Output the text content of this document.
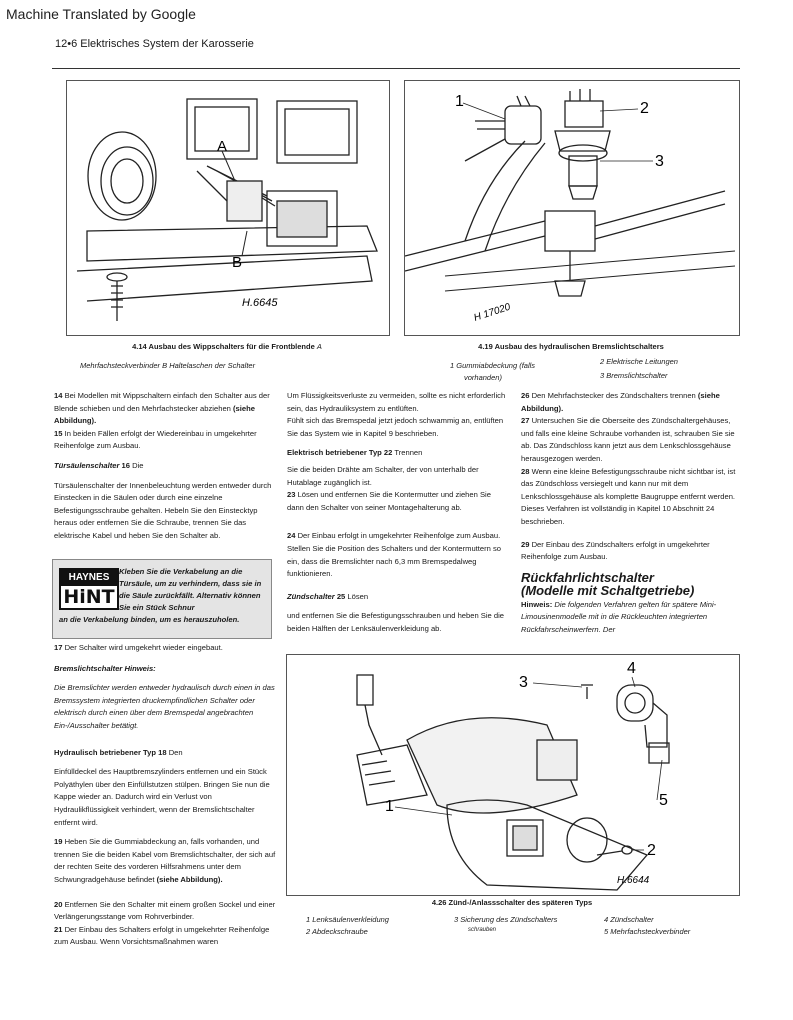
Machine Translated by Google
12•6 Elektrisches System der Karosserie
A
B
H.6645
4.14 Ausbau des Wippschalters für die Frontblende A
Mehrfachsteckverbinder B Haltelaschen der Schalter
1	2
3
H 17020
4.19 Ausbau des hydraulischen Bremslichtschalters
1 Gummiabdeckung (falls
vorhanden)
2 Elektrische Leitungen
3 Bremslichtschalter

14 Bei Modellen mit Wippschaltern einfach den Schalter aus der Blende schieben und den Mehrfachstecker abziehen (siehe Abbildung).
15 In beiden Fällen erfolgt der Wiedereinbau in umgekehrter Reihenfolge zum Ausbau.

Türsäulenschalter 16 Die

Türsäulenschalter der Innenbeleuchtung werden entweder durch Einstecken in die Säulen oder durch eine einzelne Befestigungsschraube gehalten. Hebeln Sie den Einstecktyp heraus oder entfernen Sie die Schraube, trennen Sie das elektrische Kabel und heben Sie den Schalter ab.

HAYNES
HiNT
Kleben Sie die Verkabelung an die Türsäule, um zu verhindern, dass sie in die Säule zurückfällt. Alternativ können Sie ein Stück Schnur
an die Verkabelung binden, um es herauszuholen.

17 Der Schalter wird umgekehrt wieder eingebaut.

Bremslichtschalter Hinweis:

Die Bremslichter werden entweder hydraulisch durch einen in das Bremssystem integrierten druckempfindlichen Schalter oder elektrisch durch einen über dem Bremspedal angebrachten Ein-/Ausschalter betätigt.

Hydraulisch betriebener Typ 18 Den

Einfülldeckel des Hauptbremszylinders entfernen und ein Stück Polyäthylen über den Einfüllstutzen stülpen. Bringen Sie nun die Kappe wieder an. Dadurch wird ein Verlust von Hydraulikflüssigkeit verhindert, wenn der Bremslichtschalter entfernt wird.

19 Heben Sie die Gummiabdeckung an, falls vorhanden, und trennen Sie die beiden Kabel vom Bremslichtschalter, der sich auf der rechten Seite des vorderen Hilfsrahmens unter dem Schwungradgehäuse befindet (siehe Abbildung).

20 Entfernen Sie den Schalter mit einem großen Sockel und einer Verlängerungsstange vom Rohrverbinder.
21 Der Einbau des Schalters erfolgt in umgekehrter Reihenfolge zum Ausbau. Wenn Vorsichtsmaßnahmen waren

Um Flüssigkeitsverluste zu vermeiden, sollte es nicht erforderlich sein, das Hydrauliksystem zu entlüften.

Fühlt sich das Bremspedal jetzt jedoch schwammig an, entlüften Sie das System wie in Kapitel 9 beschrieben.

Elektrisch betriebener Typ 22 Trennen

Sie die beiden Drähte am Schalter, der von unterhalb der Hutablage zugänglich ist.

23 Lösen und entfernen Sie die Kontermutter und ziehen Sie dann den Schalter von seiner Montagehalterung ab.

24 Der Einbau erfolgt in umgekehrter Reihenfolge zum Ausbau. Stellen Sie die Position des Schalters und der Kontermuttern so ein, dass die Bremslichter nach 6,3 mm Bremspedalweg funktionieren.

Zündschalter 25 Lösen

und entfernen Sie die Befestigungsschrauben und heben Sie die beiden Hälften der Lenksäulenverkleidung ab.

26 Den Mehrfachstecker des Zündschalters trennen (siehe Abbildung).

27 Untersuchen Sie die Oberseite des Zündschaltergehäuses, und falls eine kleine Schraube vorhanden ist, schrauben Sie sie ab. Das Zündschloss kann jetzt aus dem Lenkschlossgehäuse herausgezogen werden.

28 Wenn eine kleine Befestigungsschraube nicht sichtbar ist, ist das Zündschloss versiegelt und kann nur mit dem Lenkschlossgehäuse als komplette Baugruppe entfernt werden. Dieses Verfahren ist vollständig in Kapitel 10 Abschnitt 24 beschrieben.

29 Der Einbau des Zündschalters erfolgt in umgekehrter Reihenfolge zum Ausbau.

Rückfahrlichtschalter
(Modelle mit Schaltgetriebe)

Hinweis: Die folgenden Verfahren gelten für spätere Mini-Limousinenmodelle mit in die Rückleuchten integrierten Rückfahrscheinwerfern. Der

3
4
1	5
2
H.6644
4.26 Zünd-/Anlassschalter des späteren Typs
1 Lenksäulenverkleidung
2 Abdeckschraube
3 Sicherung des Zündschalters
schrauben
4 Zündschalter
5 Mehrfachsteckverbinder
